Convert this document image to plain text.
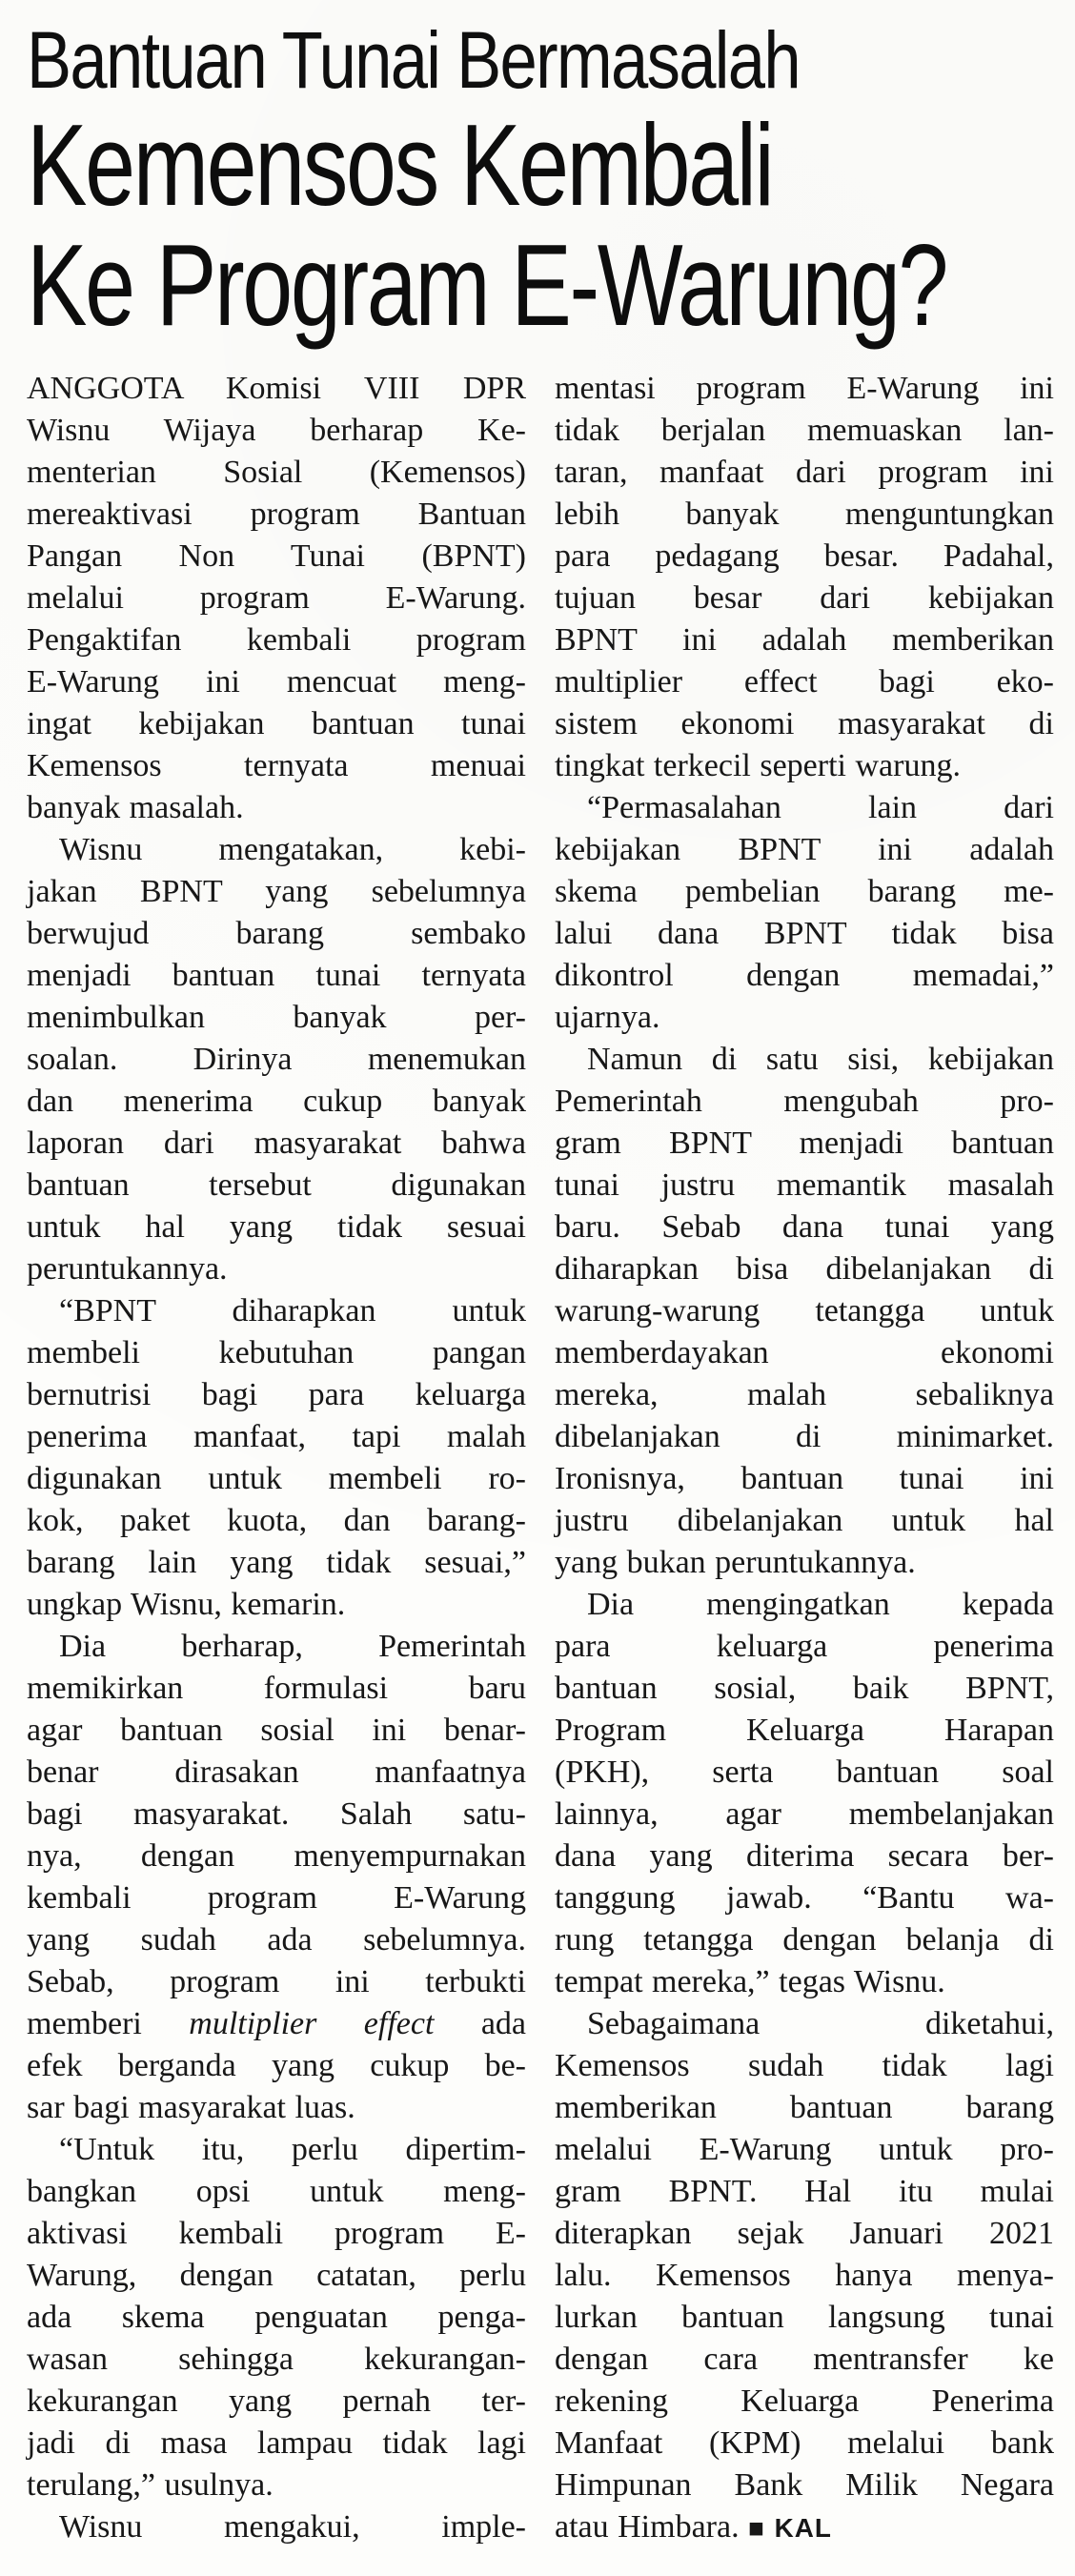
Bantuan Tunai Bermasalah
Kemensos Kembali
Ke Program E-Warung?
ANGGOTA Komisi VIII DPR
Wisnu Wijaya berharap Ke-
menterian Sosial (Kemensos)
mereaktivasi program Bantuan
Pangan Non Tunai (BPNT)
melalui program E-Warung.
Pengaktifan kembali program
E-Warung ini mencuat meng-
ingat kebijakan bantuan tunai
Kemensos ternyata menuai
banyak masalah.
Wisnu mengatakan, kebi-
jakan BPNT yang sebelumnya
berwujud barang sembako
menjadi bantuan tunai ternyata
menimbulkan banyak per-
soalan. Dirinya menemukan
dan menerima cukup banyak
laporan dari masyarakat bahwa
bantuan tersebut digunakan
untuk hal yang tidak sesuai
peruntukannya.
“BPNT diharapkan untuk
membeli kebutuhan pangan
bernutrisi bagi para keluarga
penerima manfaat, tapi malah
digunakan untuk membeli ro-
kok, paket kuota, dan barang-
barang lain yang tidak sesuai,”
ungkap Wisnu, kemarin.
Dia berharap, Pemerintah
memikirkan formulasi baru
agar bantuan sosial ini benar-
benar dirasakan manfaatnya
bagi masyarakat. Salah satu-
nya, dengan menyempurnakan
kembali program E-Warung
yang sudah ada sebelumnya.
Sebab, program ini terbukti
memberi multiplier effect ada
efek berganda yang cukup be-
sar bagi masyarakat luas.
“Untuk itu, perlu dipertim-
bangkan opsi untuk meng-
aktivasi kembali program E-
Warung, dengan catatan, perlu
ada skema penguatan penga-
wasan sehingga kekurangan-
kekurangan yang pernah ter-
jadi di masa lampau tidak lagi
terulang,” usulnya.
Wisnu mengakui, imple-
mentasi program E-Warung ini
tidak berjalan memuaskan lan-
taran, manfaat dari program ini
lebih banyak menguntungkan
para pedagang besar. Padahal,
tujuan besar dari kebijakan
BPNT ini adalah memberikan
multiplier effect bagi eko-
sistem ekonomi masyarakat di
tingkat terkecil seperti warung.
“Permasalahan lain dari
kebijakan BPNT ini adalah
skema pembelian barang me-
lalui dana BPNT tidak bisa
dikontrol dengan memadai,”
ujarnya.
Namun di satu sisi, kebijakan
Pemerintah mengubah pro-
gram BPNT menjadi bantuan
tunai justru memantik masalah
baru. Sebab dana tunai yang
diharapkan bisa dibelanjakan di
warung-warung tetangga untuk
memberdayakan ekonomi
mereka, malah sebaliknya
dibelanjakan di minimarket.
Ironisnya, bantuan tunai ini
justru dibelanjakan untuk hal
yang bukan peruntukannya.
Dia mengingatkan kepada
para keluarga penerima
bantuan sosial, baik BPNT,
Program Keluarga Harapan
(PKH), serta bantuan soal
lainnya, agar membelanjakan
dana yang diterima secara ber-
tanggung jawab. “Bantu wa-
rung tetangga dengan belanja di
tempat mereka,” tegas Wisnu.
Sebagaimana diketahui,
Kemensos sudah tidak lagi
memberikan bantuan barang
melalui E-Warung untuk pro-
gram BPNT. Hal itu mulai
diterapkan sejak Januari 2021
lalu. Kemensos hanya menya-
lurkan bantuan langsung tunai
dengan cara mentransfer ke
rekening Keluarga Penerima
Manfaat (KPM) melalui bank
Himpunan Bank Milik Negara
atau Himbara. ■ KAL
